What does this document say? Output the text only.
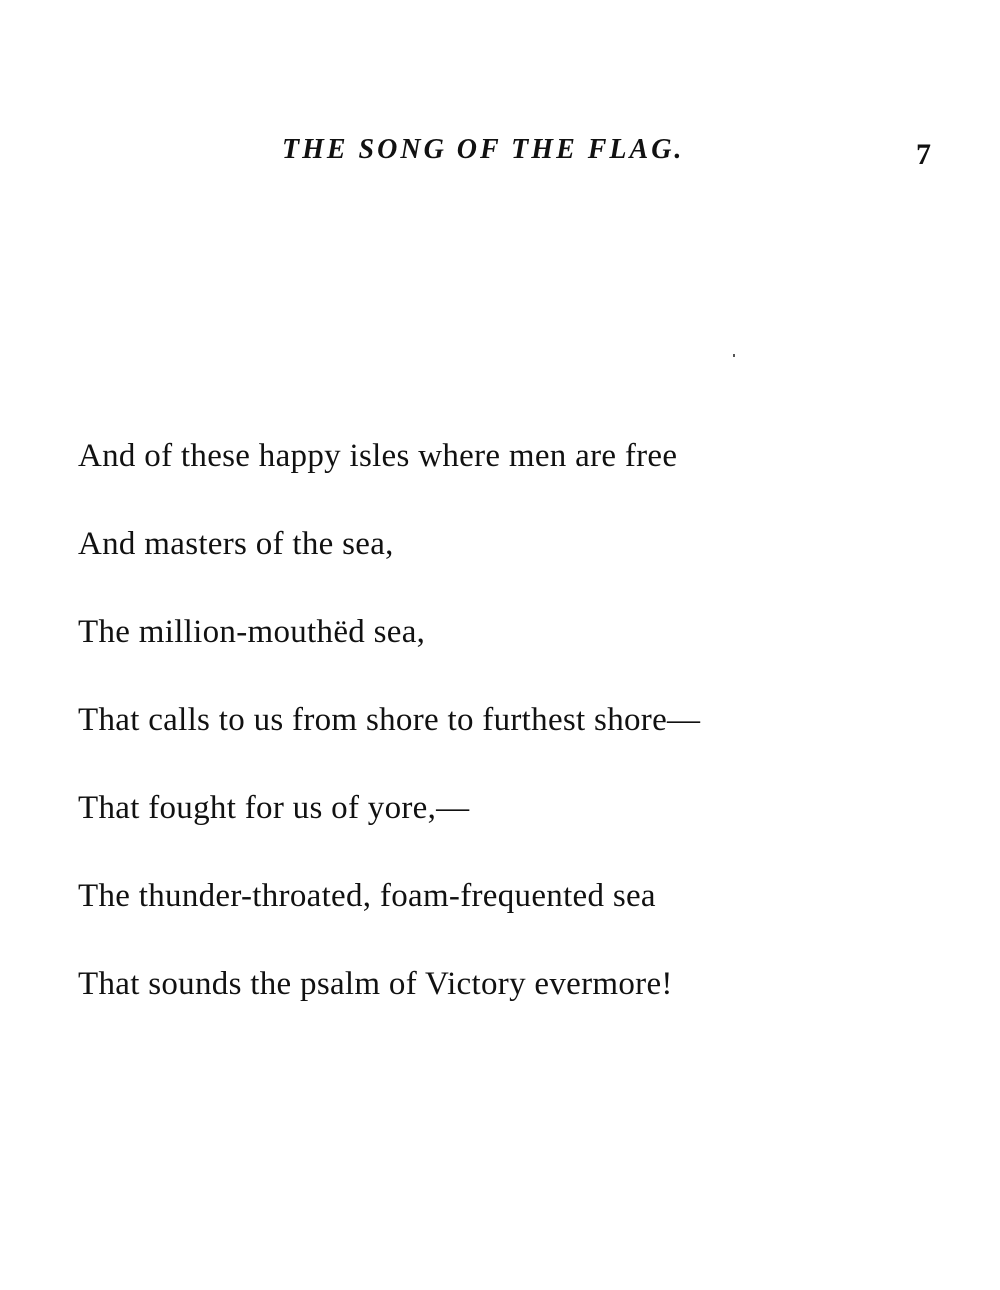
THE SONG OF THE FLAG.	7
And of these happy isles where men are free
And masters of the sea,
The million-mouthëd sea,
That calls to us from shore to furthest shore—
That fought for us of yore,—
The thunder-throated, foam-frequented sea
That sounds the psalm of Victory evermore!
